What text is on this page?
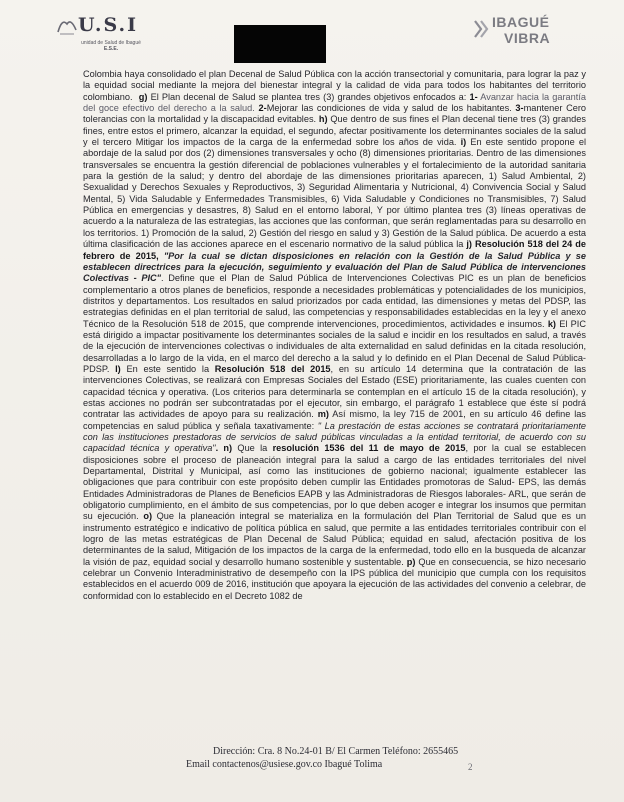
U.S.I
unidad de Salud de Ibagué
E.S.E.
IBAGUÉ
VIBRA

Colombia haya consolidado el plan Decenal de Salud Pública con la acción transectorial y comunitaria, para lograr la paz y la equidad social mediante la mejora del bienestar integral y la calidad de vida para todos los habitantes del territorio colombiano. g) El Plan decenal de Salud se plantea tres (3) grandes objetivos enfocados a: 1- Avanzar hacia la garantía del goce efectivo del derecho a la salud. 2-Mejorar las condiciones de vida y salud de los habitantes. 3-mantener Cero tolerancias con la mortalidad y la discapacidad evitables. h) Que dentro de sus fines el Plan decenal tiene tres (3) grandes fines, entre estos el primero, alcanzar la equidad, el segundo, afectar positivamente los determinantes sociales de la salud y el tercero Mitigar los impactos de la carga de la enfermedad sobre los años de vida. i) En este sentido propone el abordaje de la salud por dos (2) dimensiones transversales y ocho (8) dimensiones prioritarias. Dentro de las dimensiones transversales se encuentra la gestión diferencial de poblaciones vulnerables y el fortalecimiento de la autoridad sanitaria para la gestión de la salud; y dentro del abordaje de las dimensiones prioritarias aparecen, 1) Salud Ambiental, 2) Sexualidad y Derechos Sexuales y Reproductivos, 3) Seguridad Alimentaria y Nutricional, 4) Convivencia Social y Salud Mental, 5) Vida Saludable y Enfermedades Transmisibles, 6) Vida Saludable y Condiciones no Transmisibles, 7) Salud Pública en emergencias y desastres, 8) Salud en el entorno laboral, Y por último plantea tres (3) líneas operativas de acuerdo a la naturaleza de las estrategias, las acciones que las conforman, que serán reglamentadas para su desarrollo en los territorios. 1) Promoción de la salud, 2) Gestión del riesgo en salud y 3) Gestión de la Salud pública. De acuerdo a esta última clasificación de las acciones aparece en el escenario normativo de la salud pública la j) Resolución 518 del 24 de febrero de 2015, "Por la cual se dictan disposiciones en relación con la Gestión de la Salud Pública y se establecen directrices para la ejecución, seguimiento y evaluación del Plan de Salud Pública de intervenciones Colectivas - PIC". Define que el Plan de Salud Pública de Intervenciones Colectivas PIC es un plan de beneficios complementario a otros planes de beneficios, responde a necesidades problemáticas y potencialidades de los municipios, distritos y departamentos. Los resultados en salud priorizados por cada entidad, las dimensiones y metas del PDSP, las estrategias definidas en el plan territorial de salud, las competencias y responsabilidades establecidas en la ley y el anexo Técnico de la Resolución 518 de 2015, que comprende intervenciones, procedimientos, actividades e insumos. k) El PIC está dirigido a impactar positivamente los determinantes sociales de la salud e incidir en los resultados en salud, a través de la ejecución de intervenciones colectivas o individuales de alta externalidad en salud definidas en la citada resolución, desarrolladas a lo largo de la vida, en el marco del derecho a la salud y lo definido en el Plan Decenal de Salud Pública- PDSP. l) En este sentido la Resolución 518 del 2015, en su artículo 14 determina que la contratación de las intervenciones Colectivas, se realizará con Empresas Sociales del Estado (ESE) prioritariamente, las cuales cuenten con capacidad técnica y operativa. (Los criterios para determinarla se contemplan en el artículo 15 de la citada resolución), y estas acciones no podrán ser subcontratadas por el ejecutor, sin embargo, el parágrafo 1 establece que éste sí podrá contratar las actividades de apoyo para su realización. m) Así mismo, la ley 715 de 2001, en su artículo 46 define las competencias en salud pública y señala taxativamente: " La prestación de estas acciones se contratará prioritariamente con las instituciones prestadoras de servicios de salud públicas vinculadas a la entidad territorial, de acuerdo con su capacidad técnica y operativa". n) Que la resolución 1536 del 11 de mayo de 2015, por la cual se establecen disposiciones sobre el proceso de planeación integral para la salud a cargo de las entidades territoriales del nivel Departamental, Distrital y Municipal, así como las instituciones de gobierno nacional; igualmente establecer las obligaciones que para contribuir con este propósito deben cumplir las Entidades promotoras de Salud- EPS, las demás Entidades Administradoras de Planes de Beneficios EAPB y las Administradoras de Riesgos laborales- ARL, que serán de obligatorio cumplimiento, en el ámbito de sus competencias, por lo que deben acoger e integrar los insumos que permitan su ejecución. o) Que la planeación integral se materializa en la formulación del Plan Territorial de Salud que es un instrumento estratégico e indicativo de política pública en salud, que permite a las entidades territoriales contribuir con el logro de las metas estratégicas de Plan Decenal de Salud Pública; equidad en salud, afectación positiva de los determinantes de la salud, Mitigación de los impactos de la carga de la enfermedad, todo ello en la busqueda de alcanzar la visión de paz, equidad social y desarrollo humano sostenible y sustentable. p) Que en consecuencia, se hizo necesario celebrar un Convenio Interadministrativo de desempeño con la IPS pública del municipio que cumpla con los requisitos establecidos en el acuerdo 009 de 2016, institución que apoyara la ejecución de las actividades del convenio a celebrar, de conformidad con lo establecido en el Decreto 1082 de

Dirección: Cra. 8 No.24-01 B/ El Carmen Teléfono: 2655465
Email contactenos@usiese.gov.co Ibagué Tolima	2
